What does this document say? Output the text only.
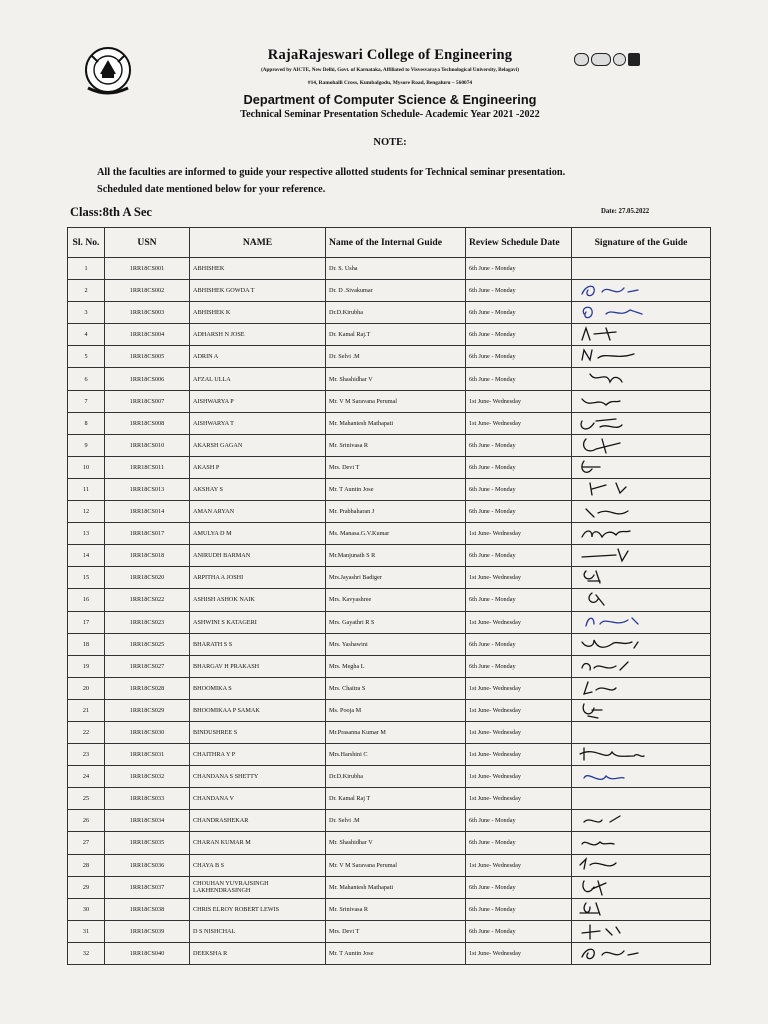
RajaRajeswari College of Engineering
(Approved by AICTE, New Delhi, Govt. of Karnataka, Affiliated to Visvesvaraya Technological University, Belagavi)
#14, Ramohalli Cross, Kumbalgodu, Mysore Road, Bengaluru – 560074
Department of Computer Science & Engineering
Technical Seminar Presentation Schedule- Academic Year 2021 -2022
NOTE:
All the faculties are informed to guide your respective allotted students for Technical seminar presentation.
Scheduled date mentioned below for your reference.
Class:8th A Sec	Date: 27.05.2022
Sl. No.	USN	NAME	Name of the Internal Guide	Review Schedule Date	Signature of the Guide
1	1RR18CS001	ABHISHEK	Dr. S. Usha	6th June - Monday	
2	1RR18CS002	ABHISHEK GOWDA T	Dr. D .Sivakumar	6th June - Monday	

3	1RR18CS003	ABHISHEK K	Dr.D.Kirubha	6th June - Monday	

4	1RR18CS004	ADHARSH N JOSE	Dr. Kamal Raj.T	6th June - Monday	

5	1RR18CS005	ADRIN A	Dr. Selvi .M	6th June - Monday	

6	1RR18CS006	AFZAL ULLA	Mr. Shashidhar V	6th June - Monday	

7	1RR18CS007	AISHWARYA P	Mr. V M Saravana Perumal	1st June- Wednesday	

8	1RR18CS008	AISHWARYA T	Mr. Mahantesh Mathapati	1st June- Wednesday	

9	1RR18CS010	AKARSH GAGAN	Mr. Srinivasa R	6th June - Monday	

10	1RR18CS011	AKASH P	Mrs. Devi T	6th June - Monday	

11	1RR18CS013	AKSHAY S	Mr. T Auntin Jose	6th June - Monday	

12	1RR18CS014	AMAN ARYAN	Mr. Prabhaharan J	6th June - Monday	

13	1RR18CS017	AMULYA D M	Ms. Manasa.G.V.Kumar	1st June- Wednesday	

14	1RR18CS018	ANIRUDH BARMAN	Mr.Manjunath S R	6th June - Monday	

15	1RR18CS020	ARPITHA A JOSHI	Mrs.Jayashri Badiger	1st June- Wednesday	

16	1RR18CS022	ASHISH ASHOK NAIK	Mrs. Kavyashree	6th June - Monday	

17	1RR18CS023	ASHWINI S KATAGERI	Mrs. Gayathri R S	1st June- Wednesday	

18	1RR18CS025	BHARATH S S	Mrs. Yashawini	6th June - Monday	

19	1RR18CS027	BHARGAV H PRAKASH	Mrs. Megha L	6th June - Monday	

20	1RR18CS028	BHOOMIKA S	Mrs. Chaitra S	1st June- Wednesday	

21	1RR18CS029	BHOOMIKAA P SAMAK	Ms. Pooja M	1st June- Wednesday	

22	1RR18CS030	BINDUSHREE S	Mr.Prasanna Kumar M	1st June- Wednesday	
23	1RR18CS031	CHAITHRA Y P	Mrs.Harshini C	1st June- Wednesday	

24	1RR18CS032	CHANDANA S SHETTY	Dr.D.Kirubha	1st June- Wednesday	

25	1RR18CS033	CHANDANA V	Dr. Kamal Raj T	1st June- Wednesday	
26	1RR18CS034	CHANDRASHEKAR	Dr. Selvi .M	6th June - Monday	

27	1RR18CS035	CHARAN KUMAR M	Mr. Shashidhar V	6th June - Monday	

28	1RR18CS036	CHAYA B S	Mr. V M Saravana Perumal	1st June- Wednesday	

29	1RR18CS037	CHOUHAN YUVRAJSINGH LAKHENDRASINGH	Mr. Mahantesh Mathapati	6th June - Monday	

30	1RR18CS038	CHRIS ELROY ROBERT LEWIS	Mr. Srinivasa R	6th June - Monday	

31	1RR18CS039	D S NISHCHAL	Mrs. Devi T	6th June - Monday	

32	1RR18CS040	DEEKSHA R	Mr. T Auntin Jose	1st June- Wednesday	
